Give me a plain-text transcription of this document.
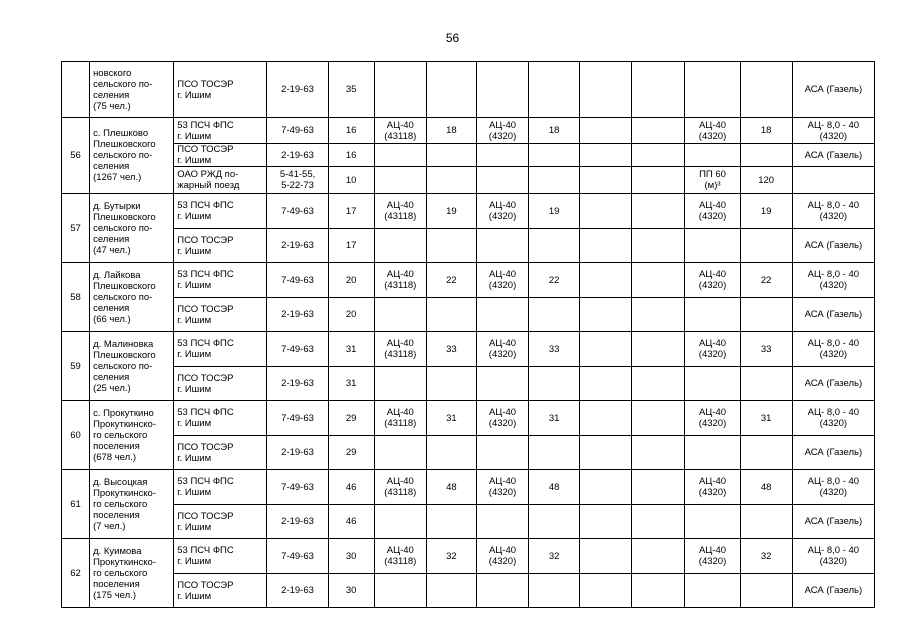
56
	новского
сельского по-
селения
(75 чел.)	ПСО ТОСЭР
г. Ишим	2-19-63	35									АСА (Газель)
56	с. Плешково
Плешковского
сельского по-
селения
(1267 чел.)	53 ПСЧ ФПС
г. Ишим	7-49-63	16	АЦ-40
(43118)	18	АЦ-40
(4320)	18			АЦ-40
(4320)	18	АЦ- 8,0 - 40
(4320)
		ПСО ТОСЭР
г. Ишим	2-19-63	16									АСА (Газель)
		ОАО РЖД по-
жарный поезд	5-41-55,
5-22-73	10							ПП 60
(м)³	120	
57	д. Бутырки
Плешковского
сельского по-
селения
(47 чел.)	53 ПСЧ ФПС
г. Ишим	7-49-63	17	АЦ-40
(43118)	19	АЦ-40
(4320)	19			АЦ-40
(4320)	19	АЦ- 8,0 - 40
(4320)
		ПСО ТОСЭР
г. Ишим	2-19-63	17									АСА (Газель)
58	д. Лайкова
Плешковского
сельского по-
селения
(66 чел.)	53 ПСЧ ФПС
г. Ишим	7-49-63	20	АЦ-40
(43118)	22	АЦ-40
(4320)	22			АЦ-40
(4320)	22	АЦ- 8,0 - 40
(4320)
		ПСО ТОСЭР
г. Ишим	2-19-63	20									АСА (Газель)
59	д. Малиновка
Плешковского
сельского по-
селения
(25 чел.)	53 ПСЧ ФПС
г. Ишим	7-49-63	31	АЦ-40
(43118)	33	АЦ-40
(4320)	33			АЦ-40
(4320)	33	АЦ- 8,0 - 40
(4320)
		ПСО ТОСЭР
г. Ишим	2-19-63	31									АСА (Газель)
60	с. Прокуткино
Прокуткинско-
го сельского
поселения
(678 чел.)	53 ПСЧ ФПС
г. Ишим	7-49-63	29	АЦ-40
(43118)	31	АЦ-40
(4320)	31			АЦ-40
(4320)	31	АЦ- 8,0 - 40
(4320)
		ПСО ТОСЭР
г. Ишим	2-19-63	29									АСА (Газель)
61	д. Высоцкая
Прокуткинско-
го сельского
поселения
(7 чел.)	53 ПСЧ ФПС
г. Ишим	7-49-63	46	АЦ-40
(43118)	48	АЦ-40
(4320)	48			АЦ-40
(4320)	48	АЦ- 8,0 - 40
(4320)
		ПСО ТОСЭР
г. Ишим	2-19-63	46									АСА (Газель)
62	д. Куимова
Прокуткинско-
го сельского
поселения
(175 чел.)	53 ПСЧ ФПС
г. Ишим	7-49-63	30	АЦ-40
(43118)	32	АЦ-40
(4320)	32			АЦ-40
(4320)	32	АЦ- 8,0 - 40
(4320)
		ПСО ТОСЭР
г. Ишим	2-19-63	30									АСА (Газель)
